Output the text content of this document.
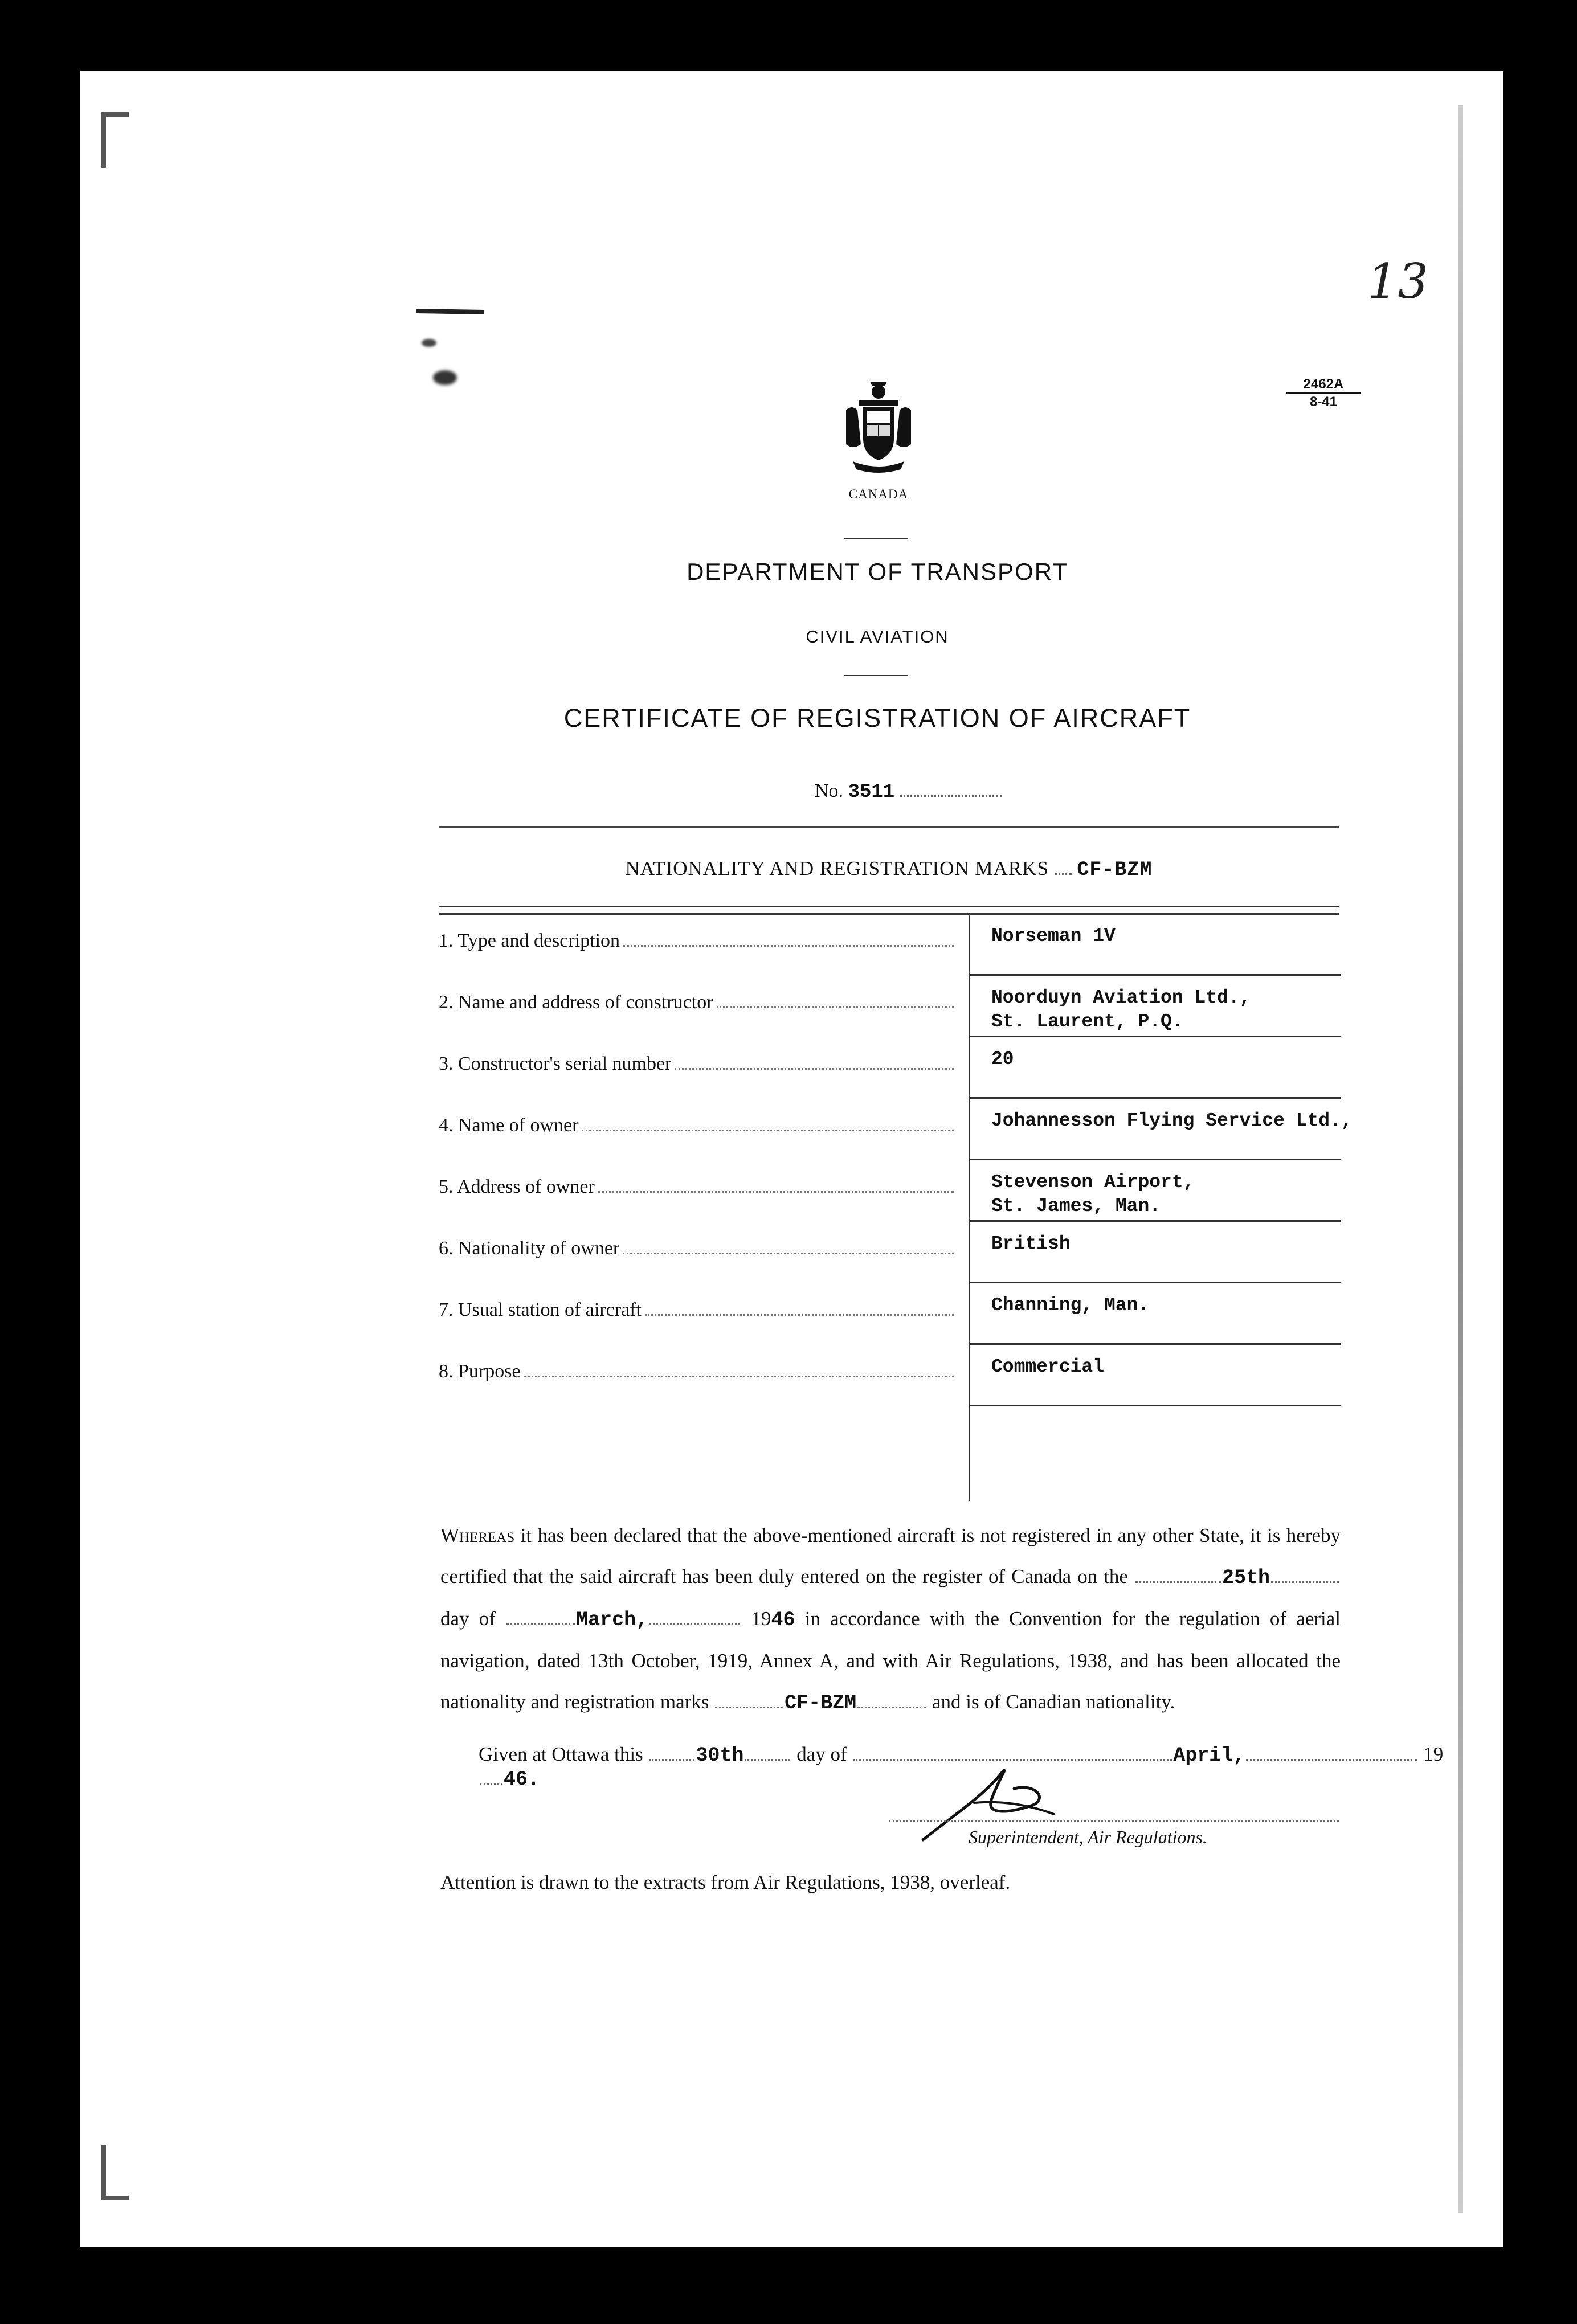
13
2462A
8-41
CANADA
DEPARTMENT OF TRANSPORT
CIVIL AVIATION
CERTIFICATE OF REGISTRATION OF AIRCRAFT
No. 3511
NATIONALITY AND REGISTRATION MARKS CF-BZM
1. Type and description	Norseman 1V
2. Name and address of constructor	Noorduyn Aviation Ltd.,
St. Laurent, P.Q.
3. Constructor's serial number	20
4. Name of owner	Johannesson Flying Service Ltd.,
5. Address of owner	Stevenson Airport,
St. James, Man.
6. Nationality of owner	British
7. Usual station of aircraft	Channing, Man.
8. Purpose	Commercial
Whereas it has been declared that the above-mentioned aircraft is not registered in any other State, it is hereby certified that the said aircraft has been duly entered on the register of Canada on the	25th day of	March,	1946 in accordance with the Convention for the regulation of aerial navigation, dated 13th October, 1919, Annex A, and with Air Regulations, 1938, and has been allocated the nationality and registration marks	CF-BZM	and is of Canadian nationality.
Given at Ottawa this	30th	day of	April,	1946.
Superintendent, Air Regulations.
Attention is drawn to the extracts from Air Regulations, 1938, overleaf.
